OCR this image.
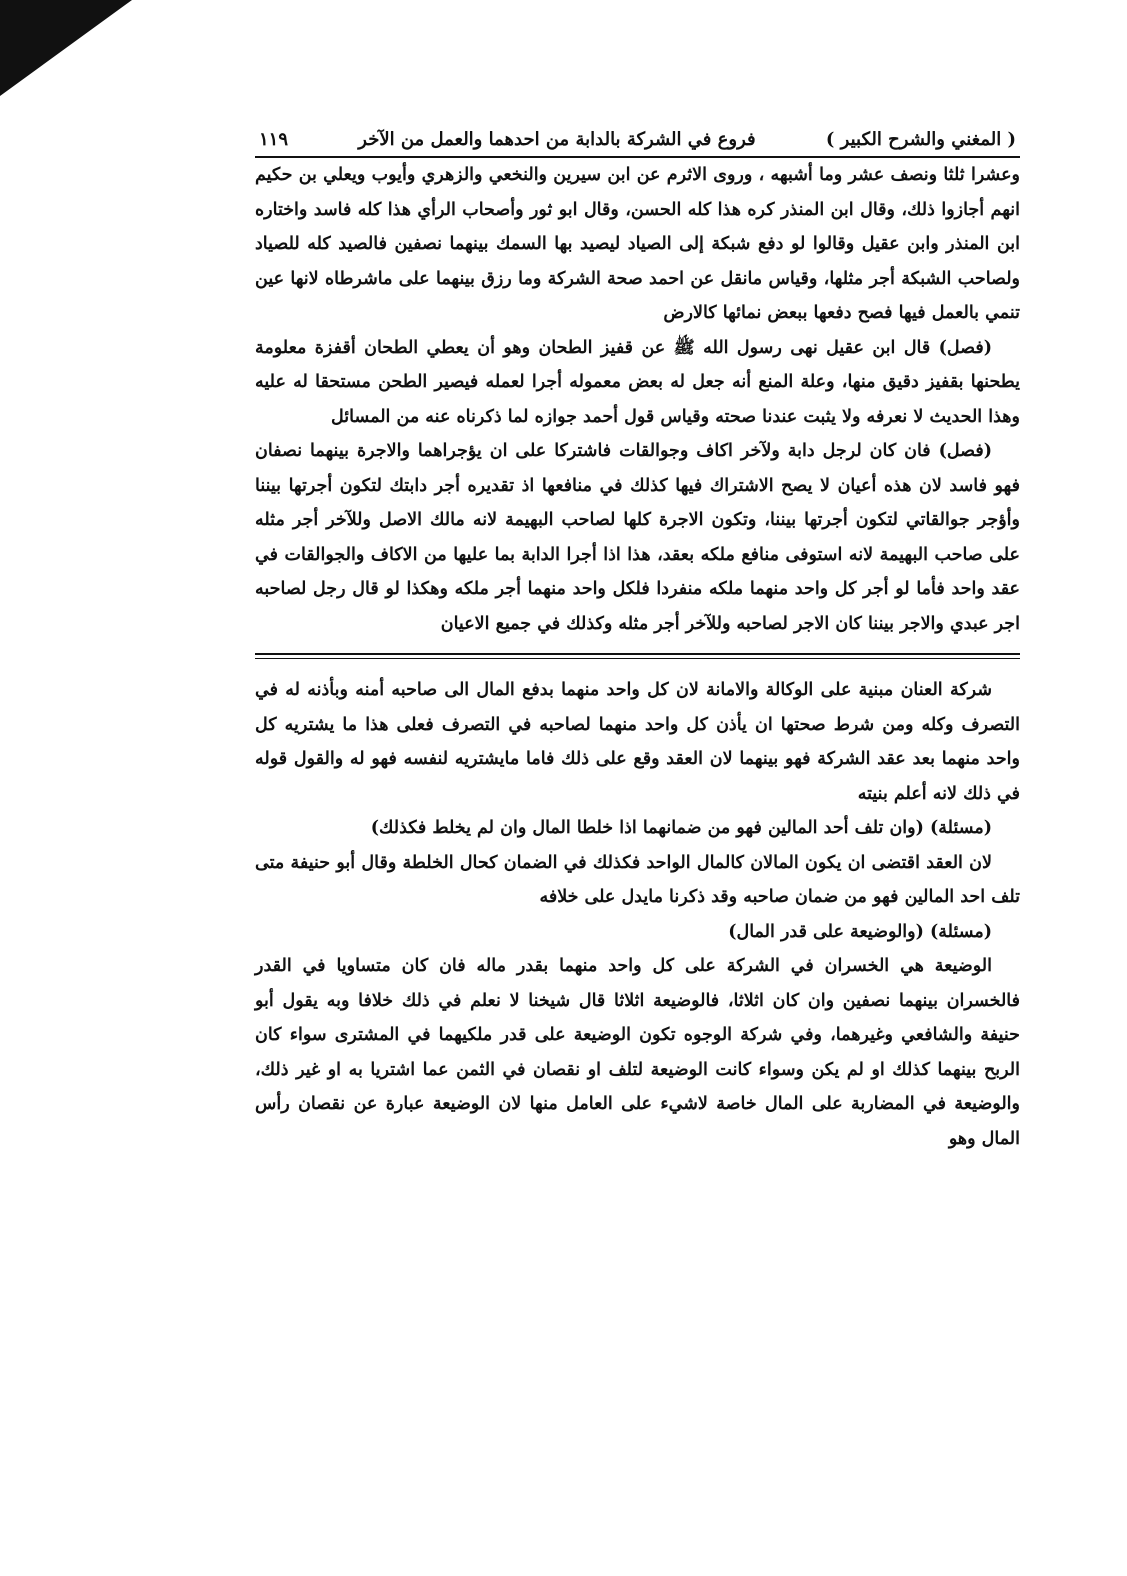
( المغني والشرح الكبير )
فروع في الشركة بالدابة من احدهما والعمل من الآخر
١١٩

وعشرا ثلثا ونصف عشر وما أشبهه ، وروى الاثرم عن ابن سيرين والنخعي والزهري وأيوب ويعلي بن حكيم انهم أجازوا ذلك، وقال ابن المنذر كره هذا كله الحسن، وقال ابو ثور وأصحاب الرأي هذا كله فاسد واختاره ابن المنذر وابن عقيل وقالوا لو دفع شبكة إلى الصياد ليصيد بها السمك بينهما نصفين فالصيد كله للصياد ولصاحب الشبكة أجر مثلها، وقياس مانقل عن احمد صحة الشركة وما رزق بينهما على ماشرطاه لانها عين تنمي بالعمل فيها فصح دفعها ببعض نمائها كالارض

(فصل) قال ابن عقيل نهى رسول الله ﷺ عن قفيز الطحان وهو أن يعطي الطحان أقفزة معلومة يطحنها بقفيز دقيق منها، وعلة المنع أنه جعل له بعض معموله أجرا لعمله فيصير الطحن مستحقا له عليه وهذا الحديث لا نعرفه ولا يثبت عندنا صحته وقياس قول أحمد جوازه لما ذكرناه عنه من المسائل

(فصل) فان كان لرجل دابة ولآخر اكاف وجوالقات فاشتركا على ان يؤجراهما والاجرة بينهما نصفان فهو فاسد لان هذه أعيان لا يصح الاشتراك فيها كذلك في منافعها اذ تقديره أجر دابتك لتكون أجرتها بيننا وأؤجر جوالقاتي لتكون أجرتها بيننا، وتكون الاجرة كلها لصاحب البهيمة لانه مالك الاصل وللآخر أجر مثله على صاحب البهيمة لانه استوفى منافع ملكه بعقد، هذا اذا أجرا الدابة بما عليها من الاكاف والجوالقات في عقد واحد فأما لو أجر كل واحد منهما ملكه منفردا فلكل واحد منهما أجر ملكه وهكذا لو قال رجل لصاحبه اجر عبدي والاجر بيننا كان الاجر لصاحبه وللآخر أجر مثله وكذلك في جميع الاعيان

شركة العنان مبنية على الوكالة والامانة لان كل واحد منهما بدفع المال الى صاحبه أمنه وبأذنه له في التصرف وكله ومن شرط صحتها ان يأذن كل واحد منهما لصاحبه في التصرف فعلى هذا ما يشتريه كل واحد منهما بعد عقد الشركة فهو بينهما لان العقد وقع على ذلك فاما مايشتريه لنفسه فهو له والقول قوله في ذلك لانه أعلم بنيته

(مسئلة) (وان تلف أحد المالين فهو من ضمانهما اذا خلطا المال وان لم يخلط فكذلك)

لان العقد اقتضى ان يكون المالان كالمال الواحد فكذلك في الضمان كحال الخلطة وقال أبو حنيفة متى تلف احد المالين فهو من ضمان صاحبه وقد ذكرنا مايدل على خلافه

(مسئلة) (والوضيعة على قدر المال)

الوضيعة هي الخسران في الشركة على كل واحد منهما بقدر ماله فان كان متساويا في القدر فالخسران بينهما نصفين وان كان اثلاثا، فالوضيعة اثلاثا قال شيخنا لا نعلم في ذلك خلافا وبه يقول أبو حنيفة والشافعي وغيرهما، وفي شركة الوجوه تكون الوضيعة على قدر ملكيهما في المشترى سواء كان الربح بينهما كذلك او لم يكن وسواء كانت الوضيعة لتلف او نقصان في الثمن عما اشتريا به او غير ذلك، والوضيعة في المضاربة على المال خاصة لاشيء على العامل منها لان الوضيعة عبارة عن نقصان رأس المال وهو
